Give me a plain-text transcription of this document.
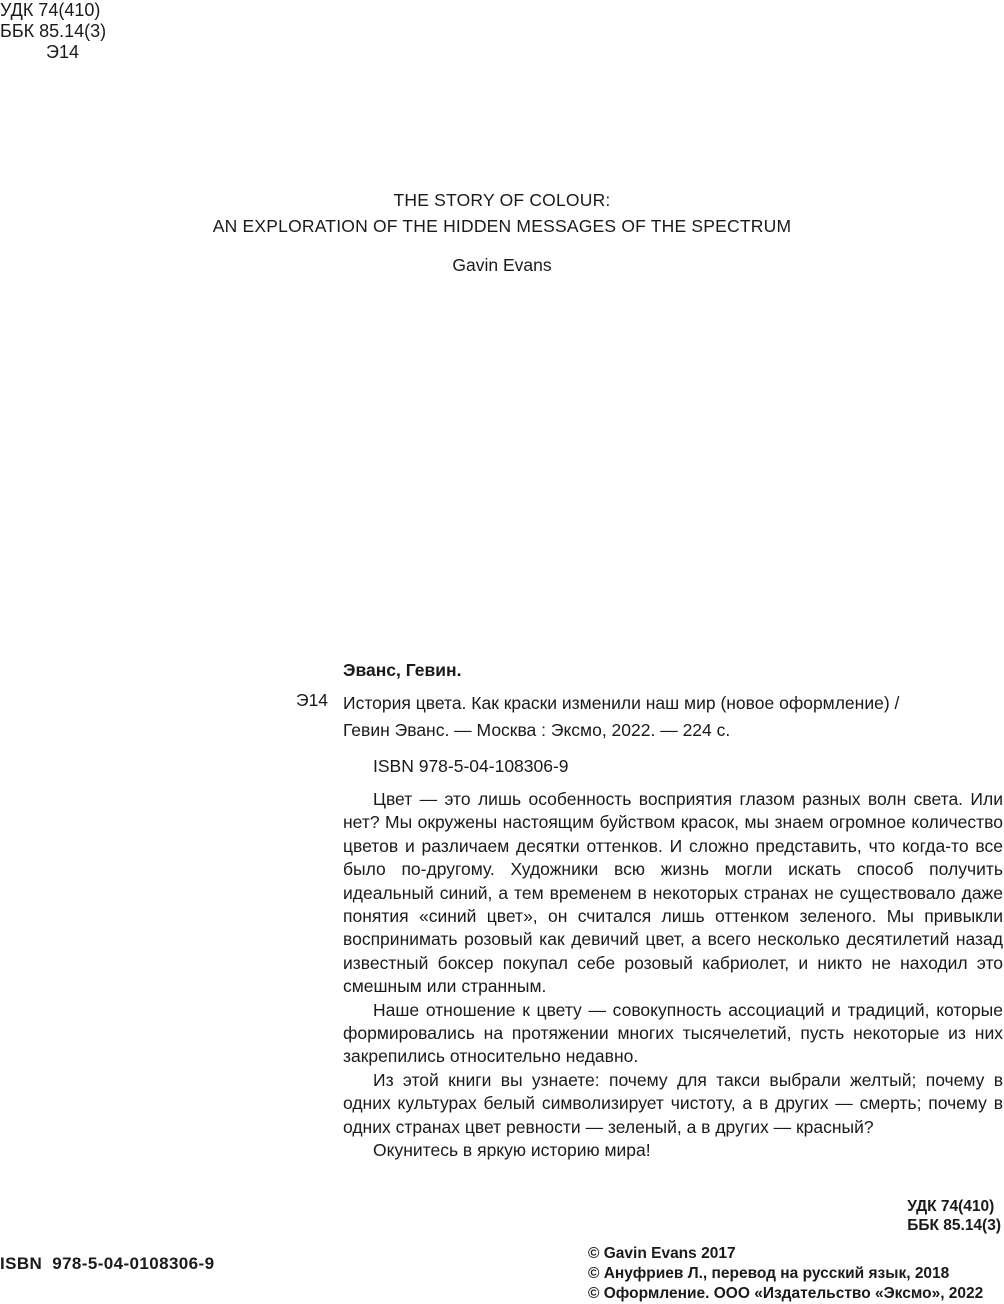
УДК 74(410)
ББК 85.14(3)
Э14
THE STORY OF COLOUR:
AN EXPLORATION OF THE HIDDEN MESSAGES OF THE SPECTRUM
Gavin Evans
Эванс, Гевин.
Э14 История цвета. Как краски изменили наш мир (новое оформление) /
Гевин Эванс. — Москва : Эксмо, 2022. — 224 с.
ISBN 978-5-04-108306-9

Цвет — это лишь особенность восприятия глазом разных волн света. Или нет? Мы окружены настоящим буйством красок, мы знаем огромное количество цветов и различаем десятки оттенков. И сложно представить, что когда-то все было по-другому. Художники всю жизнь могли искать способ получить идеальный синий, а тем временем в некоторых странах не существовало даже понятия «синий цвет», он считался лишь оттенком зеленого. Мы привыкли воспринимать розовый как девичий цвет, а всего несколько десятилетий назад известный боксер покупал себе розовый кабриолет, и никто не находил это смешным или странным.

Наше отношение к цвету — совокупность ассоциаций и традиций, которые формировались на протяжении многих тысячелетий, пусть некоторые из них закрепились относительно недавно.

Из этой книги вы узнаете: почему для такси выбрали желтый; почему в одних культурах белый символизирует чистоту, а в других — смерть; почему в одних странах цвет ревности — зеленый, а в других — красный?

Окунитесь в яркую историю мира!

УДК 74(410)
ББК 85.14(3)
ISBN 978-5-04-0108306-9
© Gavin Evans 2017
© Ануфриев Л., перевод на русский язык, 2018
© Оформление. ООО «Издательство «Эксмо», 2022
